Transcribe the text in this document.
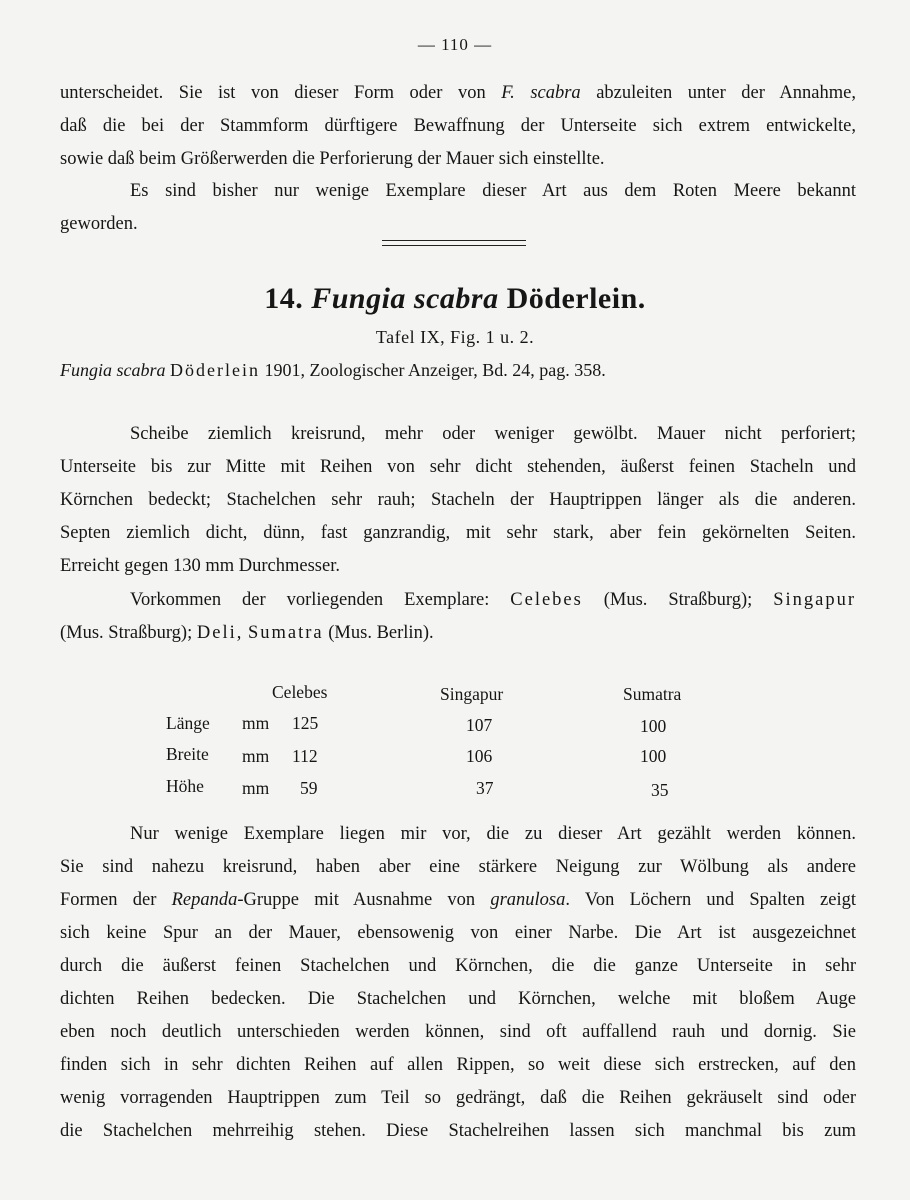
— 110 —
unterscheidet. Sie ist von dieser Form oder von F. scabra abzuleiten unter der Annahme,
daß die bei der Stammform dürftigere Bewaffnung der Unterseite sich extrem entwickelte,
sowie daß beim Größerwerden die Perforierung der Mauer sich einstellte.
Es sind bisher nur wenige Exemplare dieser Art aus dem Roten Meere bekannt
geworden.
14. Fungia scabra Döderlein.
Tafel IX, Fig. 1 u. 2.
Fungia scabra Döderlein 1901, Zoologischer Anzeiger, Bd. 24, pag. 358.
Scheibe ziemlich kreisrund, mehr oder weniger gewölbt. Mauer nicht perforiert;
Unterseite bis zur Mitte mit Reihen von sehr dicht stehenden, äußerst feinen Stacheln und
Körnchen bedeckt; Stachelchen sehr rauh; Stacheln der Hauptrippen länger als die anderen.
Septen ziemlich dicht, dünn, fast ganzrandig, mit sehr stark, aber fein gekörnelten Seiten.
Erreicht gegen 130 mm Durchmesser.
Vorkommen der vorliegenden Exemplare: Celebes (Mus. Straßburg); Singapur
(Mus. Straßburg); Deli, Sumatra (Mus. Berlin).
Celebes	Singapur	Sumatra
Länge mm 125	107	100
Breite mm 112	106	100
Höhe mm 59	37	35
Nur wenige Exemplare liegen mir vor, die zu dieser Art gezählt werden können.
Sie sind nahezu kreisrund, haben aber eine stärkere Neigung zur Wölbung als andere
Formen der Repanda-Gruppe mit Ausnahme von granulosa. Von Löchern und Spalten zeigt
sich keine Spur an der Mauer, ebensowenig von einer Narbe. Die Art ist ausgezeichnet
durch die äußerst feinen Stachelchen und Körnchen, die die ganze Unterseite in sehr
dichten Reihen bedecken. Die Stachelchen und Körnchen, welche mit bloßem Auge
eben noch deutlich unterschieden werden können, sind oft auffallend rauh und dornig. Sie
finden sich in sehr dichten Reihen auf allen Rippen, so weit diese sich erstrecken, auf den
wenig vorragenden Hauptrippen zum Teil so gedrängt, daß die Reihen gekräuselt sind oder
die Stachelchen mehrreihig stehen. Diese Stachelreihen lassen sich manchmal bis zum
